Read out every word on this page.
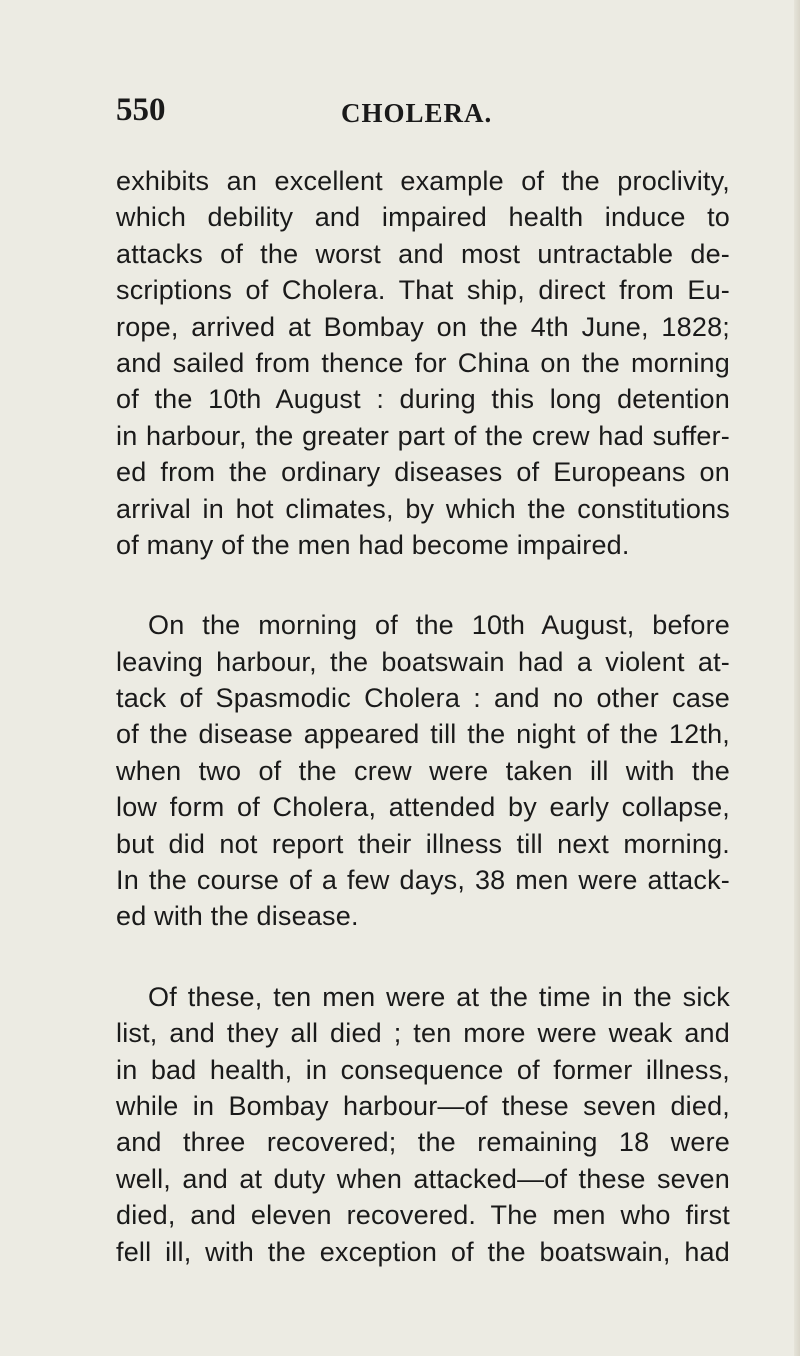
550	CHOLERA.
exhibits an excellent example of the proclivity,
which debility and impaired health induce to
attacks of the worst and most untractable de-
scriptions of Cholera. That ship, direct from Eu-
rope, arrived at Bombay on the 4th June, 1828;
and sailed from thence for China on the morning
of the 10th August : during this long detention
in harbour, the greater part of the crew had suffer-
ed from the ordinary diseases of Europeans on
arrival in hot climates, by which the constitutions
of many of the men had become impaired.
On the morning of the 10th August, before
leaving harbour, the boatswain had a violent at-
tack of Spasmodic Cholera : and no other case
of the disease appeared till the night of the 12th,
when two of the crew were taken ill with the
low form of Cholera, attended by early collapse,
but did not report their illness till next morning.
In the course of a few days, 38 men were attack-
ed with the disease.
Of these, ten men were at the time in the sick
list, and they all died ; ten more were weak and
in bad health, in consequence of former illness,
while in Bombay harbour—of these seven died,
and three recovered; the remaining 18 were
well, and at duty when attacked—of these seven
died, and eleven recovered. The men who first
fell ill, with the exception of the boatswain, had
